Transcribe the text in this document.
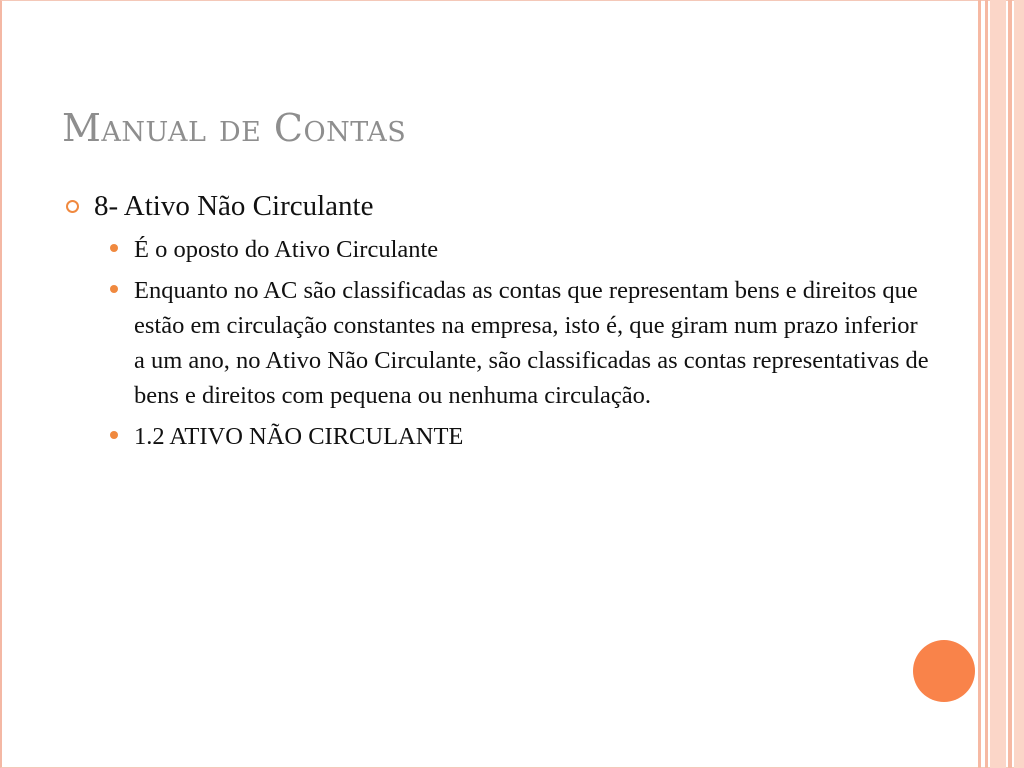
Manual de Contas
8- Ativo Não Circulante
É o oposto do Ativo Circulante
Enquanto no AC são classificadas as contas que representam bens e direitos que estão em circulação constantes na empresa, isto é, que giram num prazo inferior a um ano, no Ativo Não Circulante, são classificadas as contas representativas de bens e direitos com pequena ou nenhuma circulação.
1.2 ATIVO NÃO CIRCULANTE
